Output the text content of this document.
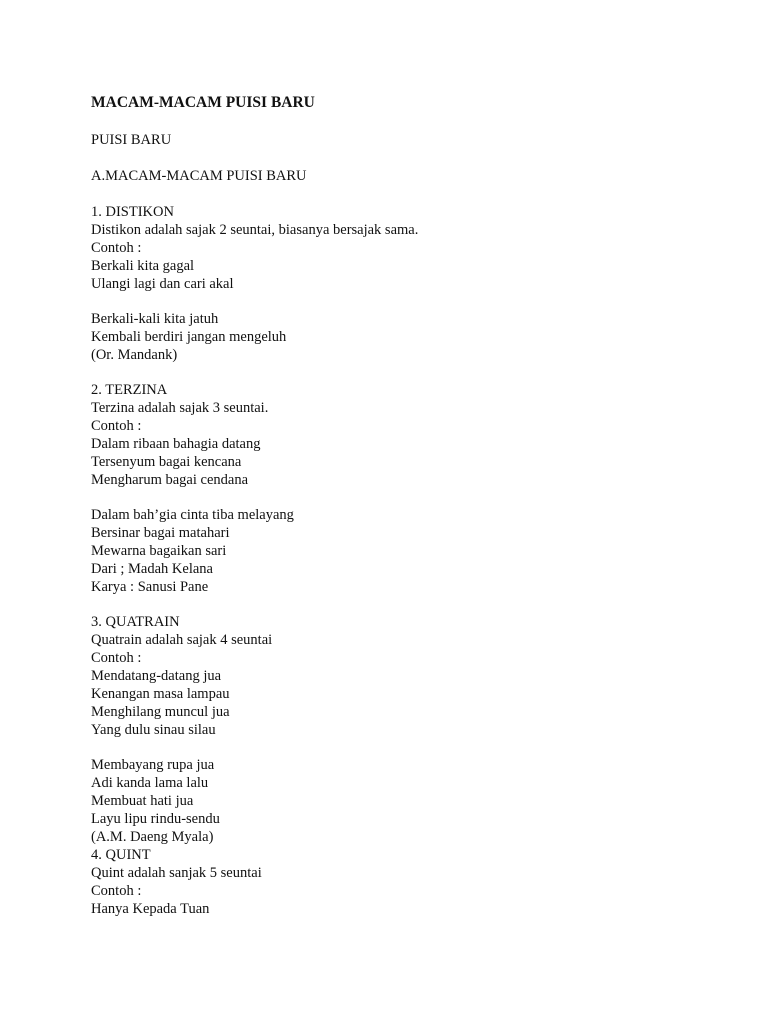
MACAM-MACAM PUISI BARU
PUISI BARU
A.MACAM-MACAM PUISI BARU
1. DISTIKON
Distikon adalah sajak 2 seuntai, biasanya bersajak sama.
Contoh :
Berkali kita gagal
Ulangi lagi dan cari akal
Berkali-kali kita jatuh
Kembali berdiri jangan mengeluh
(Or. Mandank)
2. TERZINA
Terzina adalah sajak 3 seuntai.
Contoh :
Dalam ribaan bahagia datang
Tersenyum bagai kencana
Mengharum bagai cendana
Dalam bah’gia cinta tiba melayang
Bersinar bagai matahari
Mewarna bagaikan sari
Dari ; Madah Kelana
Karya : Sanusi Pane
3. QUATRAIN
Quatrain adalah sajak 4 seuntai
Contoh :
Mendatang-datang jua
Kenangan masa lampau
Menghilang muncul jua
Yang dulu sinau silau
Membayang rupa jua
Adi kanda lama lalu
Membuat hati jua
Layu lipu rindu-sendu
(A.M. Daeng Myala)
4. QUINT
Quint adalah sanjak 5 seuntai
Contoh :
Hanya Kepada Tuan
